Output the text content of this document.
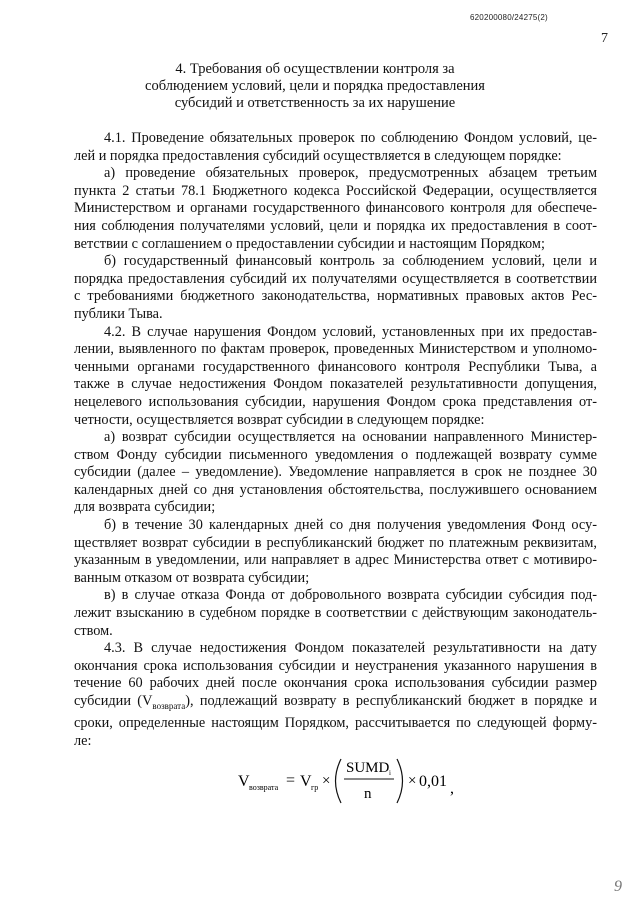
620200080/24275(2)
7
4. Требования об осуществлении контроля за
соблюдением условий, цели и порядка предоставления
субсидий и ответственность за их нарушение
4.1. Проведение обязательных проверок по соблюдению Фондом условий, це-
лей и порядка предоставления субсидий осуществляется в следующем порядке:
а) проведение обязательных проверок, предусмотренных абзацем третьим
пункта 2 статьи 78.1 Бюджетного кодекса Российской Федерации, осуществляется
Министерством и органами государственного финансового контроля для обеспече-
ния соблюдения получателями условий, цели и порядка их предоставления в соот-
ветствии с соглашением о предоставлении субсидии и настоящим Порядком;
б) государственный финансовый контроль за соблюдением условий, цели и
порядка предоставления субсидий их получателями осуществляется в соответствии
с требованиями бюджетного законодательства, нормативных правовых актов Рес-
публики Тыва.
4.2. В случае нарушения Фондом условий, установленных при их предостав-
лении, выявленного по фактам проверок, проведенных Министерством и уполномо-
ченными органами государственного финансового контроля Республики Тыва, а
также в случае недостижения Фондом показателей результативности допущения,
нецелевого использования субсидии, нарушения Фондом срока представления от-
четности, осуществляется возврат субсидии в следующем порядке:
а) возврат субсидии осуществляется на основании направленного Министер-
ством Фонду субсидии письменного уведомления о подлежащей возврату сумме
субсидии (далее – уведомление). Уведомление направляется в срок не позднее 30
календарных дней со дня установления обстоятельства, послужившего основанием
для возврата субсидии;
б) в течение 30 календарных дней со дня получения уведомления Фонд осу-
ществляет возврат субсидии в республиканский бюджет по платежным реквизитам,
указанным в уведомлении, или направляет в адрес Министерства ответ с мотивиро-
ванным отказом от возврата субсидии;
в) в случае отказа Фонда от добровольного возврата субсидии субсидия под-
лежит взысканию в судебном порядке в соответствии с действующим законодатель-
ством.
4.3. В случае недостижения Фондом показателей результативности на дату
окончания срока использования субсидии и неустранения указанного нарушения в
течение 60 рабочих дней после окончания срока использования субсидии размер
субсидии $(V_{возврата})$, подлежащий возврату в республиканский бюджет в порядке и
сроки, определенные настоящим Порядком, рассчитывается по следующей форму-
ле:
V возврата = V гр ×
SUMD i
n
× 0,01 ,
9
